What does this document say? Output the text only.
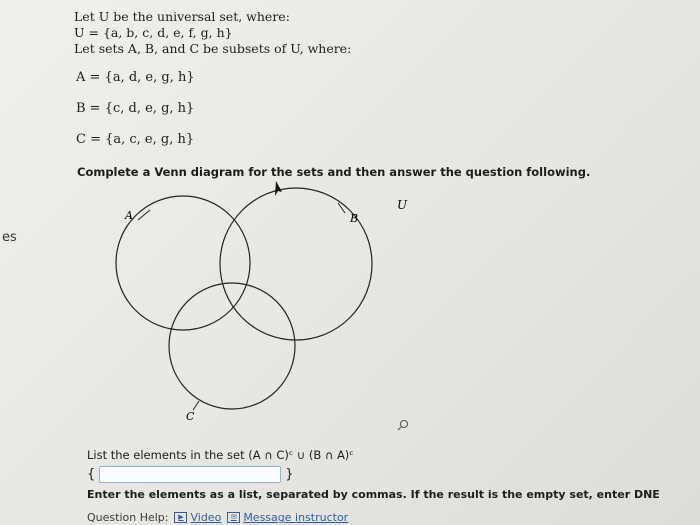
es
Let U be the universal set, where:
U = {a, b, c, d, e, f, g, h}
Let sets A, B, and C be subsets of U, where:
A = {a, d, e, g, h}
B = {c, d, e, g, h}
C = {a, c, e, g, h}
Complete a Venn diagram for the sets and then answer the question following.
A	B
C
U
List the elements in the set (A ∩ C)ᶜ ∪ (B ∩ A)ᶜ
{	}
Enter the elements as a list, separated by commas. If the result is the empty set, enter DNE
Question Help:	▶ Video	✉ Message instructor
